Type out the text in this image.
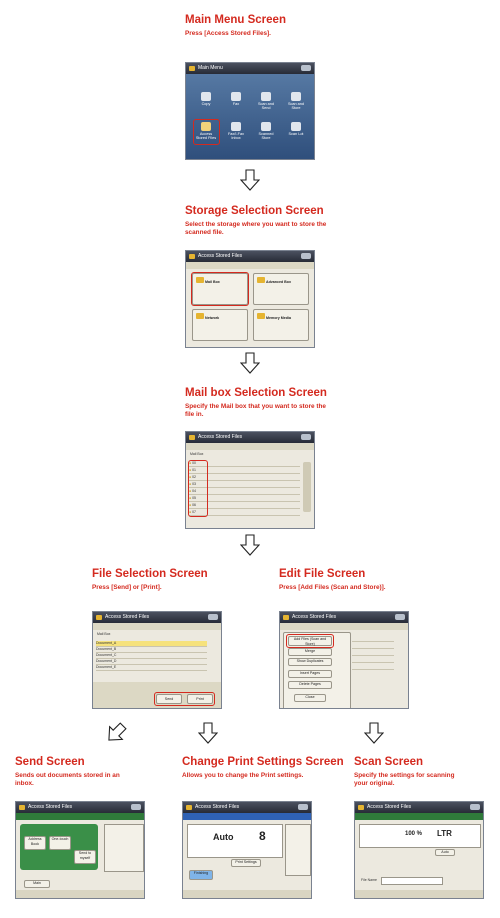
Main Menu Screen
Press [Access Stored Files].
Main Menu
Copy	Fax	Scan and Send
Scan and Store
Access Stored Files
Fax/I-Fax Inbox
Scanned Store
Scan Lot
Storage Selection Screen
Select the storage where you want to store the scanned file.
Access Stored Files
Mail Box	Advanced Box
Network	Memory Media
Mail box Selection Screen
Specify the Mail box that you want to store the file in.
Access Stored Files
Mail Box
● 00
● 01
● 02
● 03
● 04
● 05
● 06
● 07
File Selection Screen
Press [Send] or [Print].
Access Stored Files
Mail Box
Document_A
Document_B
Document_C
Document_D
Document_E
Send	Print
Edit File Screen
Press [Add Files (Scan and Store)].
Access Stored Files
Add Files (Scan and Store)
Merge
Show Duplicates
Insert Pages
Delete Pages
Close
Send Screen
Sends out documents stored in an inbox.
Access Stored Files
Address Book
One-touch
Send to myself
Main
Change Print Settings Screen
Allows you to change the Print settings.
Access Stored Files
Auto 8
Print Settings
Finishing
Scan Screen
Specify the settings for scanning your original.
Access Stored Files
100 % LTR
Auto
File Name
